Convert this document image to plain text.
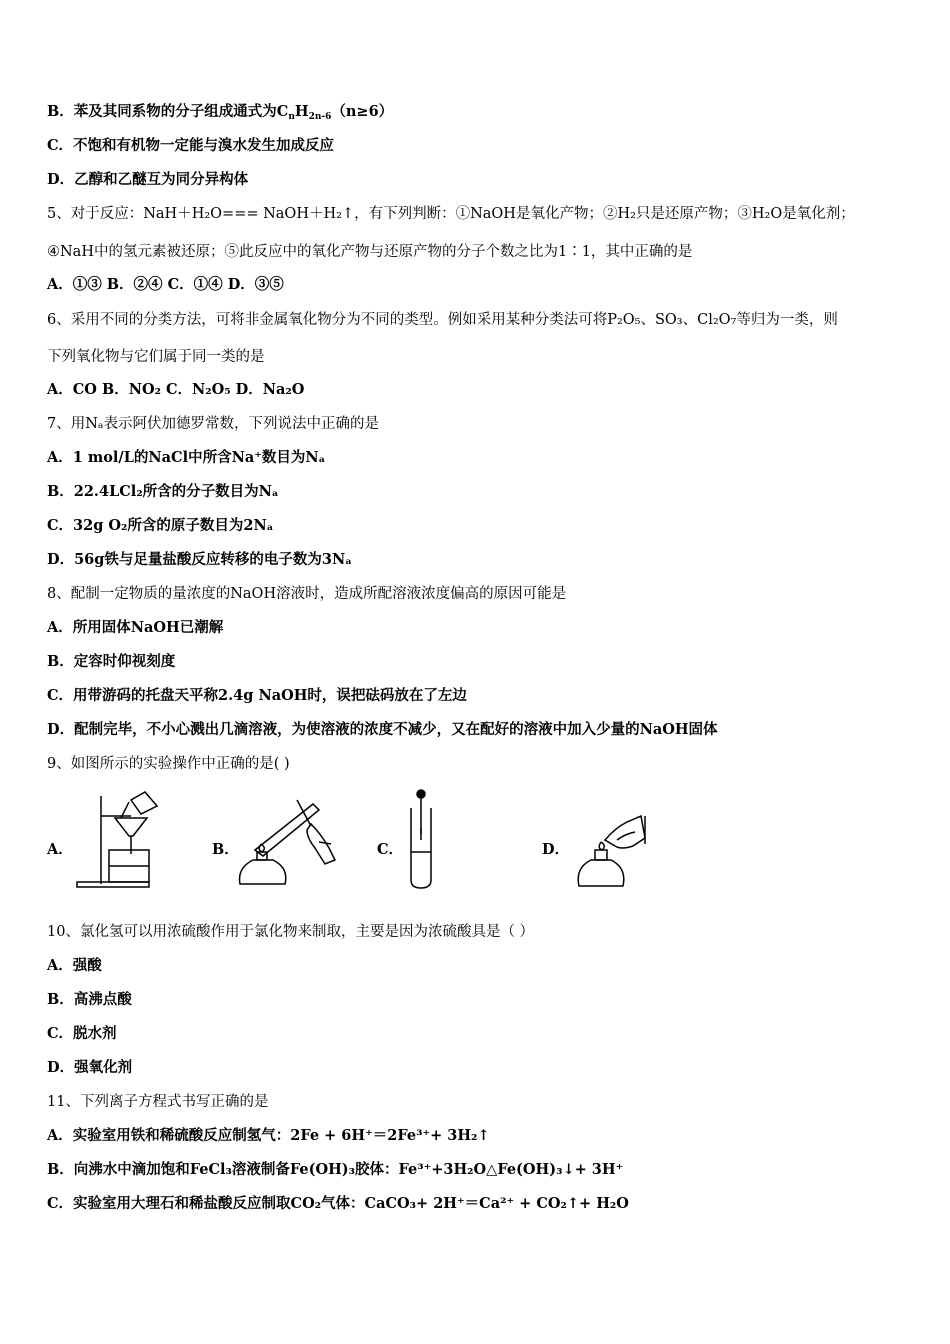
B．苯及其同系物的分子组成通式为$C_nH_{2n-6}(n\ge 6)$
C．不饱和有机物一定能与溴水发生加成反应
D．乙醇和乙醚互为同分异构体
5、对于反应：NaH＋H₂O=== NaOH＋H₂↑，有下列判断：①NaOH是氧化产物；②H₂只是还原产物；③H₂O是氧化剂；
④NaH中的氢元素被还原；⑤此反应中的氧化产物与还原产物的分子个数之比为1∶1，其中正确的是
A．①③ B．②④ C．①④ D．③⑤
6、采用不同的分类方法，可将非金属氧化物分为不同的类型。例如采用某种分类法可将P₂O₅、SO₃、Cl₂O₇等归为一类，则
下列氧化物与它们属于同一类的是
A．CO B．NO₂ C．N₂O₅ D．Na₂O
7、用Nₐ表示阿伏加德罗常数，下列说法中正确的是
A．1 mol/L的NaCl中所含Na⁺数目为Nₐ
B．22.4LCl₂所含的分子数目为Nₐ
C．32g O₂所含的原子数目为2Nₐ
D．56g铁与足量盐酸反应转移的电子数为3Nₐ
8、配制一定物质的量浓度的NaOH溶液时，造成所配溶液浓度偏高的原因可能是
A．所用固体NaOH已潮解
B．定容时仰视刻度
C．用带游码的托盘天平称2.4g NaOH时，误把砝码放在了左边
D．配制完毕，不小心溅出几滴溶液，为使溶液的浓度不减少，又在配好的溶液中加入少量的NaOH固体
9、如图所示的实验操作中正确的是( )
A．	B．	C．	D．
10、氯化氢可以用浓硫酸作用于氯化物来制取，主要是因为浓硫酸具是（ ）
A．强酸
B．高沸点酸
C．脱水剂
D．强氧化剂
11、下列离子方程式书写正确的是
A．实验室用铁和稀硫酸反应制氢气：2Fe + 6H⁺＝2Fe³⁺+ 3H₂↑
B．向沸水中滴加饱和FeCl₃溶液制备Fe(OH)₃胶体：Fe³⁺+3H₂O△Fe(OH)₃↓+ 3H⁺
C．实验室用大理石和稀盐酸反应制取CO₂气体：CaCO₃+ 2H⁺＝Ca²⁺ + CO₂↑+ H₂O
